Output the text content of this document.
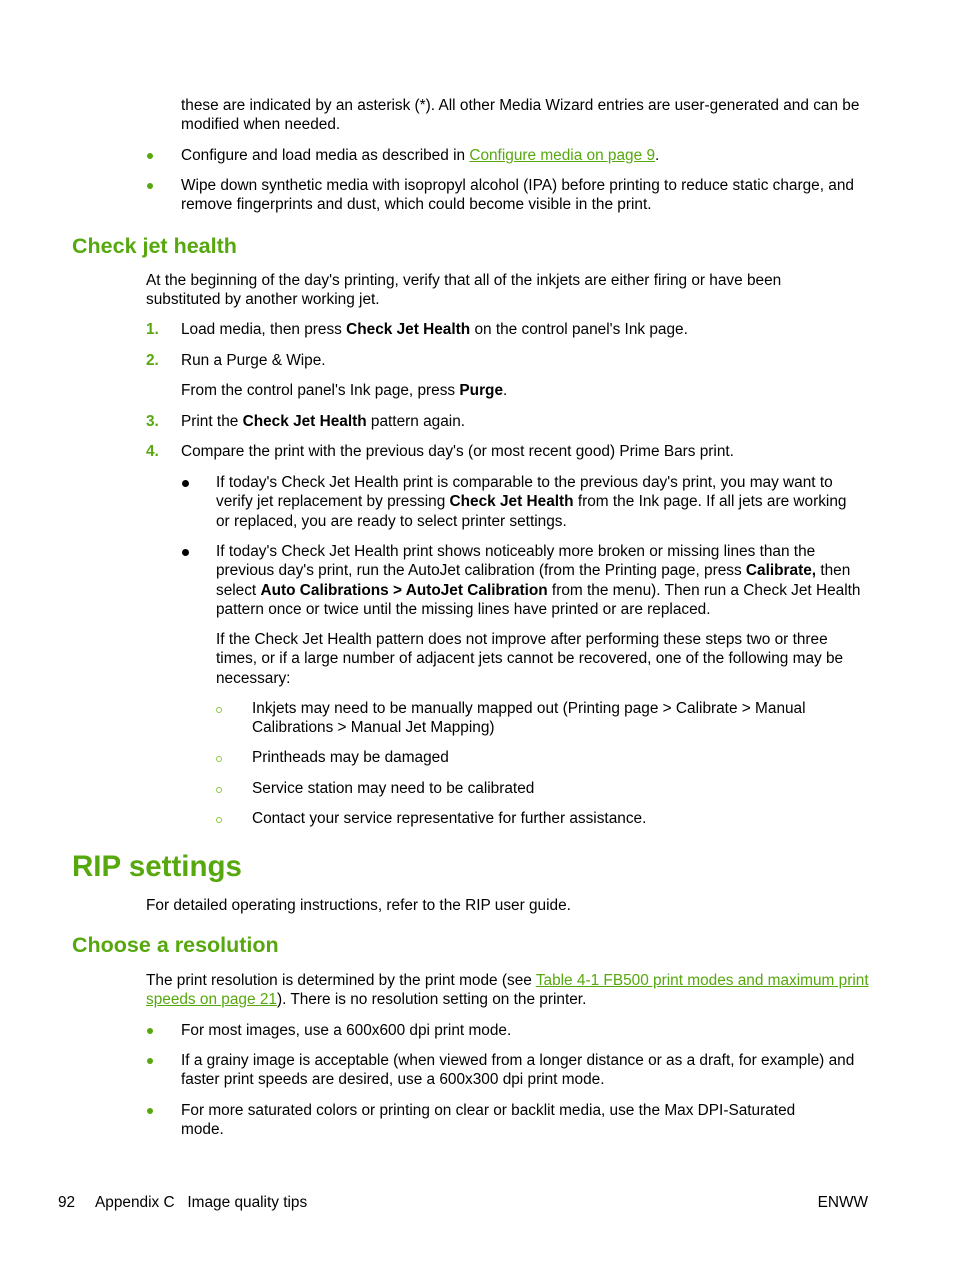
these are indicated by an asterisk (*). All other Media Wizard entries are user-generated and can be modified when needed.

Configure and load media as described in Configure media on page 9.

Wipe down synthetic media with isopropyl alcohol (IPA) before printing to reduce static charge, and remove fingerprints and dust, which could become visible in the print.

Check jet health

At the beginning of the day's printing, verify that all of the inkjets are either firing or have been substituted by another working jet.

1. Load media, then press Check Jet Health on the control panel's Ink page.

2. Run a Purge & Wipe.

From the control panel's Ink page, press Purge.

3. Print the Check Jet Health pattern again.

4. Compare the print with the previous day's (or most recent good) Prime Bars print.

If today's Check Jet Health print is comparable to the previous day's print, you may want to verify jet replacement by pressing Check Jet Health from the Ink page. If all jets are working or replaced, you are ready to select printer settings.

If today's Check Jet Health print shows noticeably more broken or missing lines than the previous day's print, run the AutoJet calibration (from the Printing page, press Calibrate, then select Auto Calibrations > AutoJet Calibration from the menu). Then run a Check Jet Health pattern once or twice until the missing lines have printed or are replaced.

If the Check Jet Health pattern does not improve after performing these steps two or three times, or if a large number of adjacent jets cannot be recovered, one of the following may be necessary:

Inkjets may need to be manually mapped out (Printing page > Calibrate > Manual Calibrations > Manual Jet Mapping)

Printheads may be damaged

Service station may need to be calibrated

Contact your service representative for further assistance.

RIP settings

For detailed operating instructions, refer to the RIP user guide.

Choose a resolution

The print resolution is determined by the print mode (see Table 4-1 FB500 print modes and maximum print speeds on page 21). There is no resolution setting on the printer.

For most images, use a 600x600 dpi print mode.

If a grainy image is acceptable (when viewed from a longer distance or as a draft, for example) and faster print speeds are desired, use a 600x300 dpi print mode.

For more saturated colors or printing on clear or backlit media, use the Max DPI-Saturated mode.

92 Appendix C   Image quality tips	ENWW
